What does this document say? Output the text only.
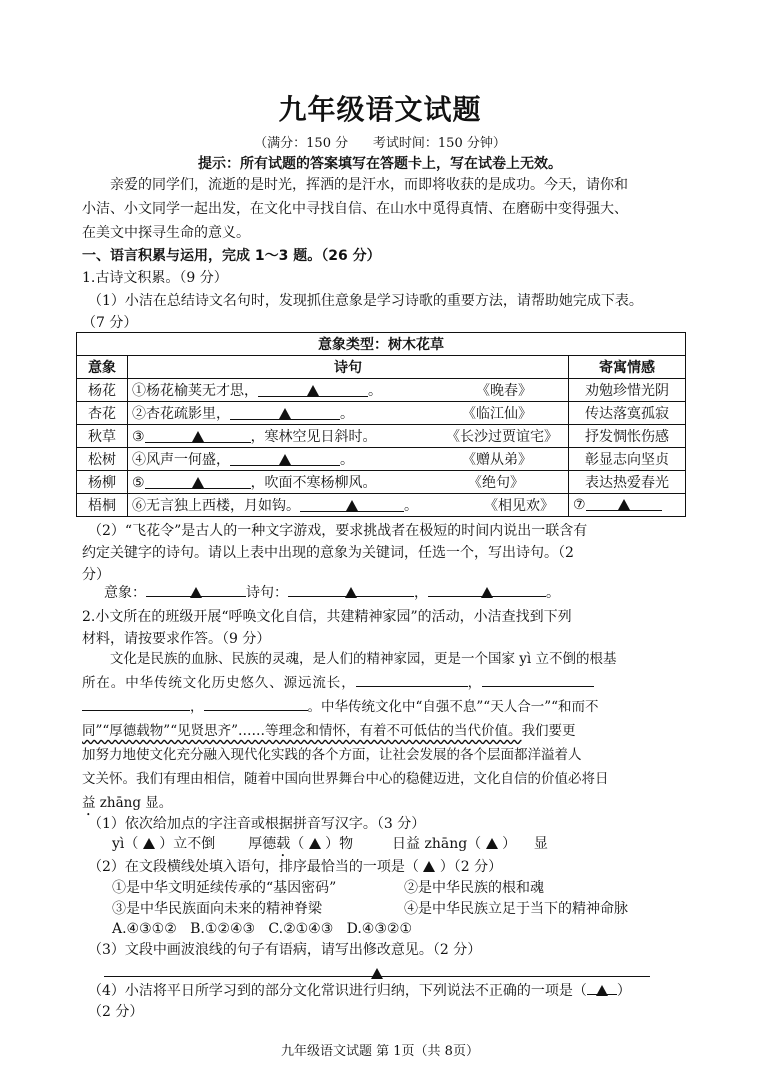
九年级语文试题
（满分：150 分      考试时间：150 分钟）
提示：所有试题的答案填写在答题卡上，写在试卷上无效。
亲爱的同学们，流逝的是时光，挥洒的是汗水，而即将收获的是成功。今天，请你和
小洁、小文同学一起出发，在文化中寻找自信、在山水中觅得真情、在磨砺中变得强大、
在美文中探寻生命的意义。
一、语言积累与运用，完成 1～3 题。（26 分）
1.古诗文积累。（9 分）
（1）小洁在总结诗文名句时，发现抓住意象是学习诗歌的重要方法，请帮助她完成下表。
（7 分）
意象类型：树木花草		
意象	诗句	寄寓情感
杨花	①杨花榆荚无才思， 。 《晚春》	劝勉珍惜光阴
杏花	②杏花疏影里， 。 《临江仙》	传达落寞孤寂
秋草	③ ，寒林空见日斜时。 《长沙过贾谊宅》	抒发惆怅伤感
松树	④风声一何盛， 。 《赠从弟》	彰显志向坚贞
杨柳	⑤ ，吹面不寒杨柳风。 《绝句》	表达热爱春光
梧桐	⑥无言独上西楼，月如钩。 。 《相见欢》	⑦
（2）“飞花令”是古人的一种文字游戏，要求挑战者在极短的时间内说出一联含有
约定关键字的诗句。请以上表中出现的意象为关键词，任选一个，写出诗句。（2
分）
意象：	诗句：	，	。
2.小文所在的班级开展“呼唤文化自信，共建精神家园”的活动，小洁查找到下列
材料，请按要求作答。（9 分）
文化是民族的血脉、民族的灵魂，是人们的精神家园，更是一个国家 yì 立不倒的根基
所在。中华传统文化历史悠久、源远流长，	，
，	。中华传统文化中“自强不息”“天人合一”“和而不
同”“厚德载物”“见贤思齐”……等理念和情怀，有着不可低估的当代价值。我们要更
加努力地使文化充分融入现代化实践的各个方面，让社会发展的各个层面都洋溢着人
文关怀。我们有理由相信，随着中国向世界舞台中心的稳健迈进，文化自信的价值必将日
益 zhāng 显。
（1）依次给加点的字注音或根据拼音写汉字。（3 分）
yì（ ）立不倒 厚德载（ ）物	日益 zhāng（ ）    显
（2）在文段横线处填入语句，排序最恰当的一项是（ ）（2 分）
①是中华文明延续传承的“基因密码”	②是中华民族的根和魂
③是中华民族面向未来的精神脊梁	④是中华民族立足于当下的精神命脉
A.④③①②   B.①②④③   C.②①④③   D.④③②①
（3）文段中画波浪线的句子有语病，请写出修改意见。（2 分）
（4）小洁将平日所学习到的部分文化常识进行归纳，下列说法不正确的一项是（ ）
（2 分）
九年级语文试题 第 1页（共 8页）
